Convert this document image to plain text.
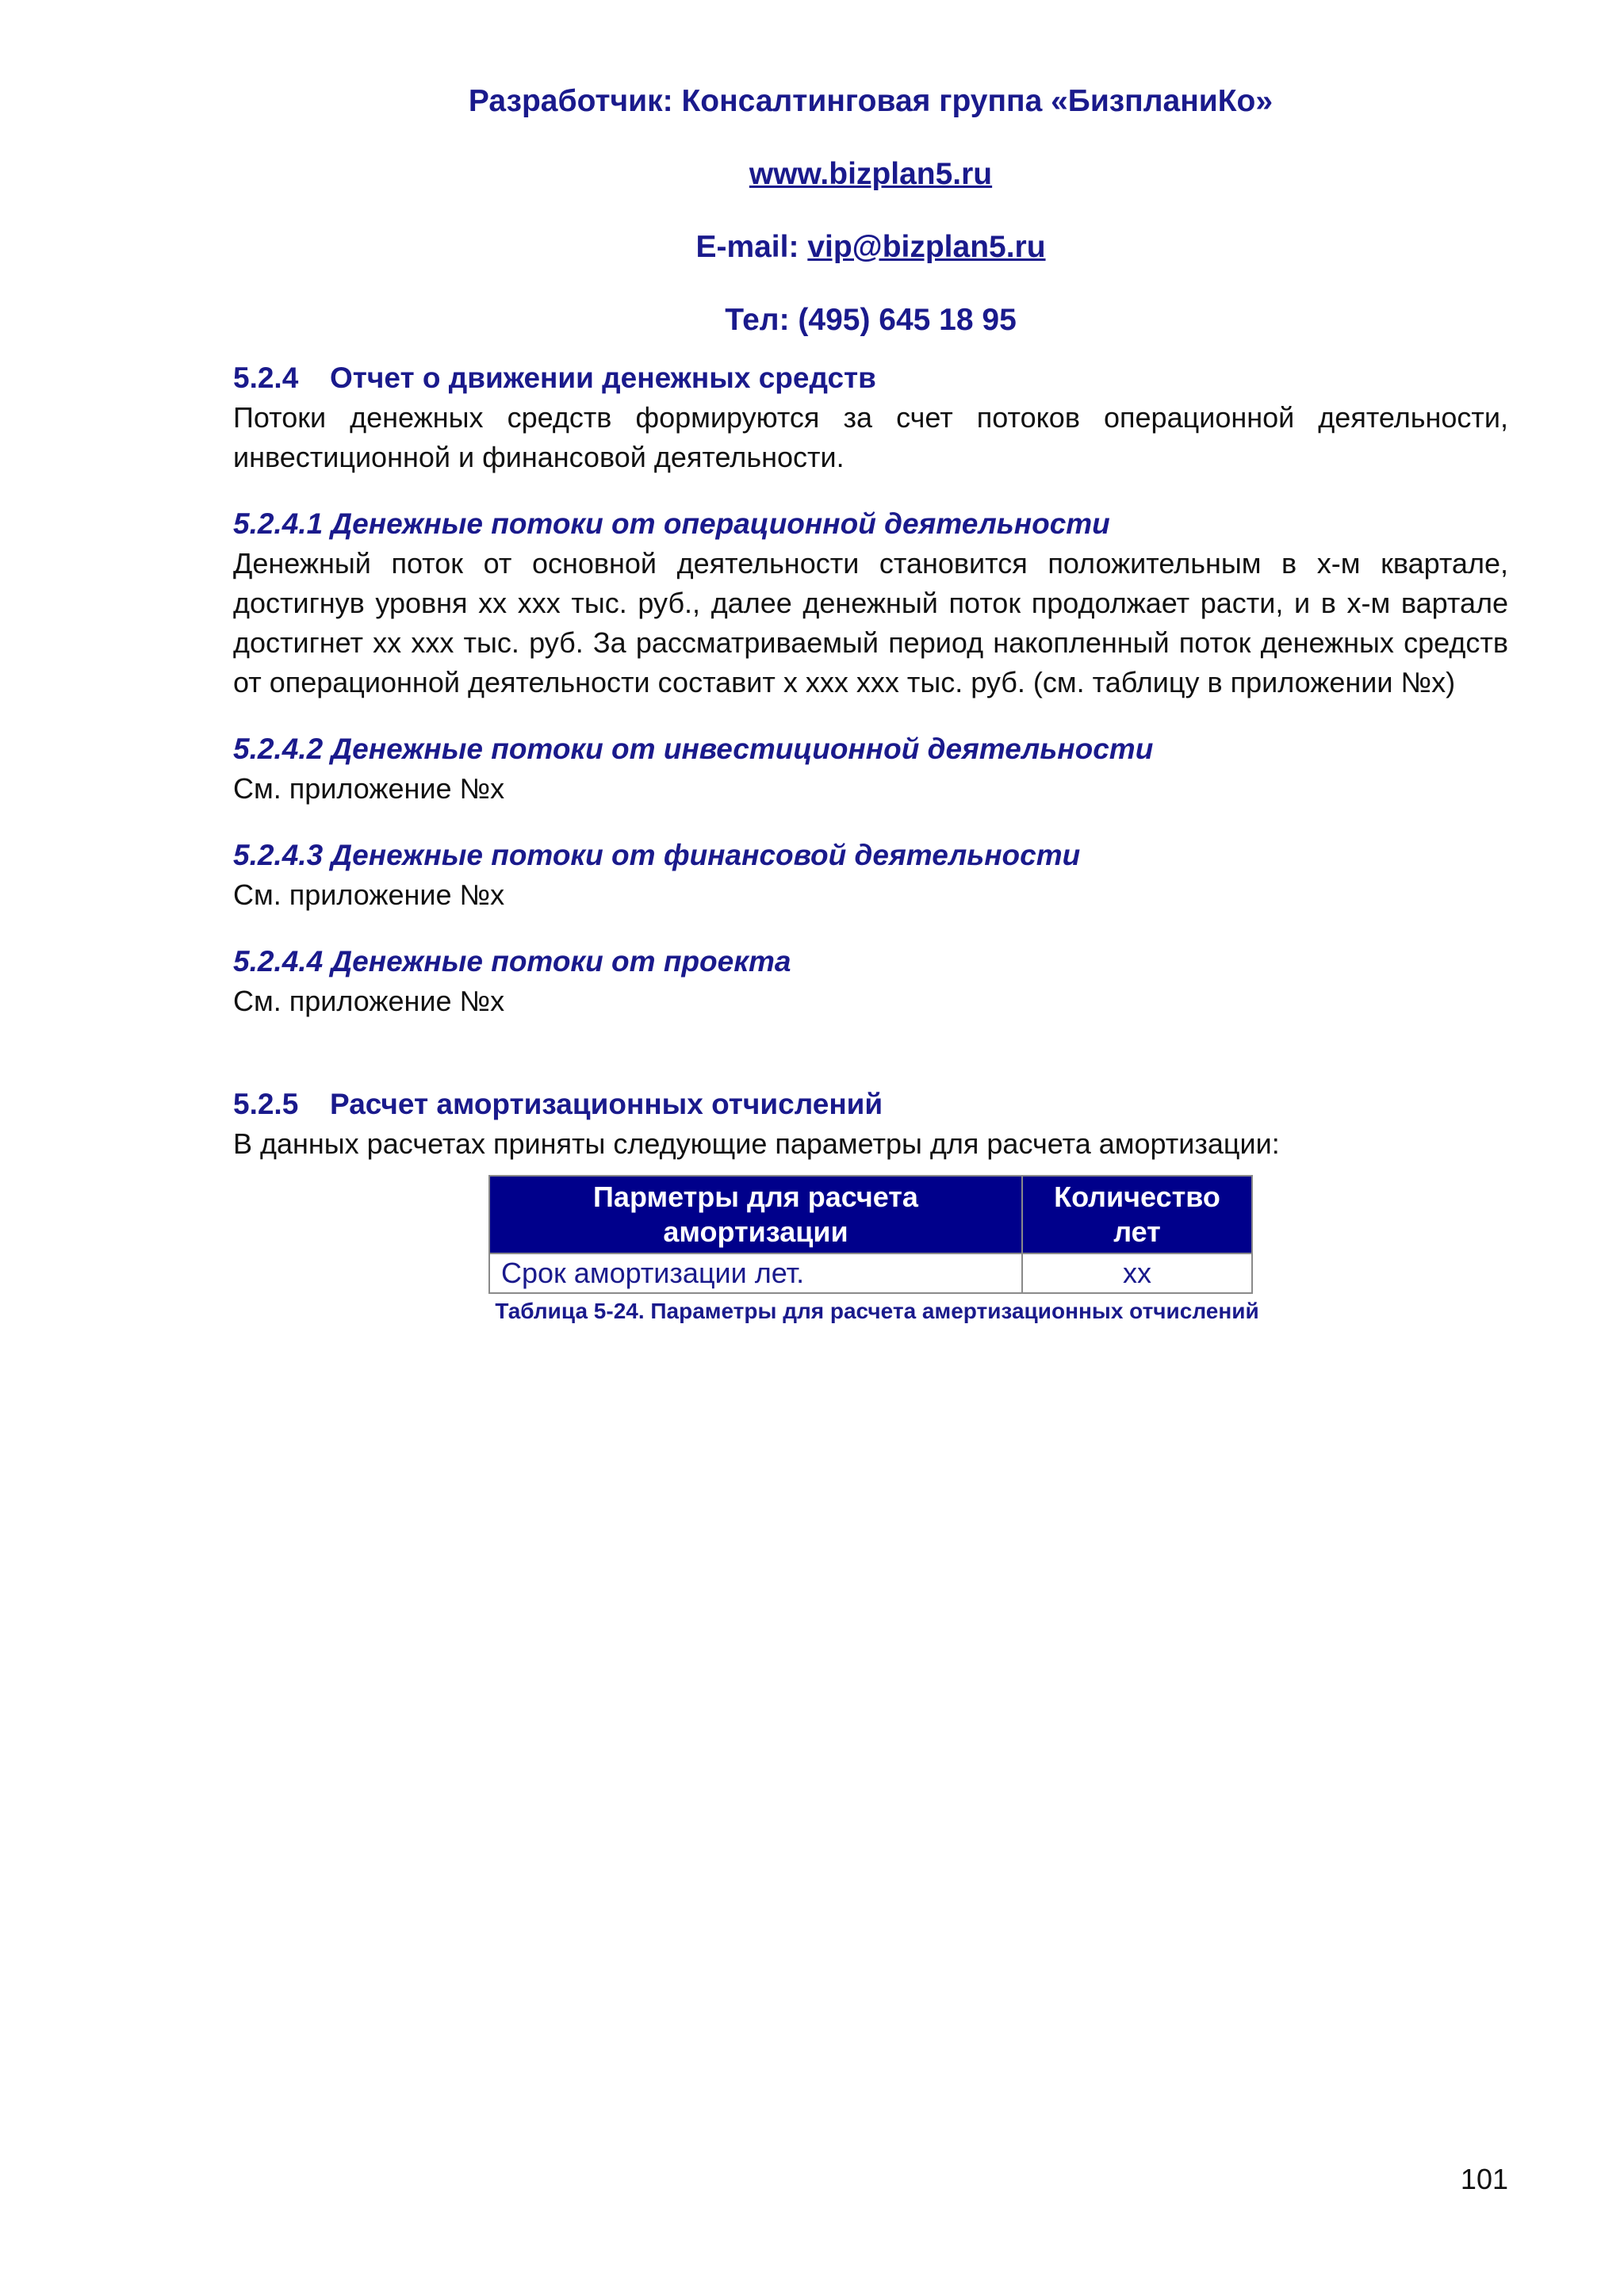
Разработчик: Консалтинговая группа «БизпланиКо»
www.bizplan5.ru
E-mail: vip@bizplan5.ru
Тел: (495) 645 18 95
5.2.4	Отчет о движении денежных средств

Потоки денежных средств формируются за счет потоков операционной деятельности, инвестиционной и финансовой деятельности.

5.2.4.1 Денежные потоки от операционной деятельности

Денежный поток от основной деятельности становится положительным в x-м квартале, достигнув уровня хх ххх тыс. руб., далее денежный поток продолжает расти, и в х-м вартале достигнет хх ххх тыс. руб. За рассматриваемый период накопленный поток денежных средств от операционной деятельности составит х ххх ххх тыс. руб. (см. таблицу в приложении №х)

5.2.4.2 Денежные потоки от инвестиционной деятельности

См. приложение №х

5.2.4.3 Денежные потоки от финансовой деятельности

См. приложение №х

5.2.4.4 Денежные потоки от проекта

См. приложение №х

5.2.5	Расчет амортизационных отчислений

В данных расчетах приняты следующие параметры для расчета амортизации:

Парметры для расчета амортизации	Количество лет
Срок амортизации лет.	хх
Таблица 5-24. Параметры для расчета амертизационных отчислений
101
